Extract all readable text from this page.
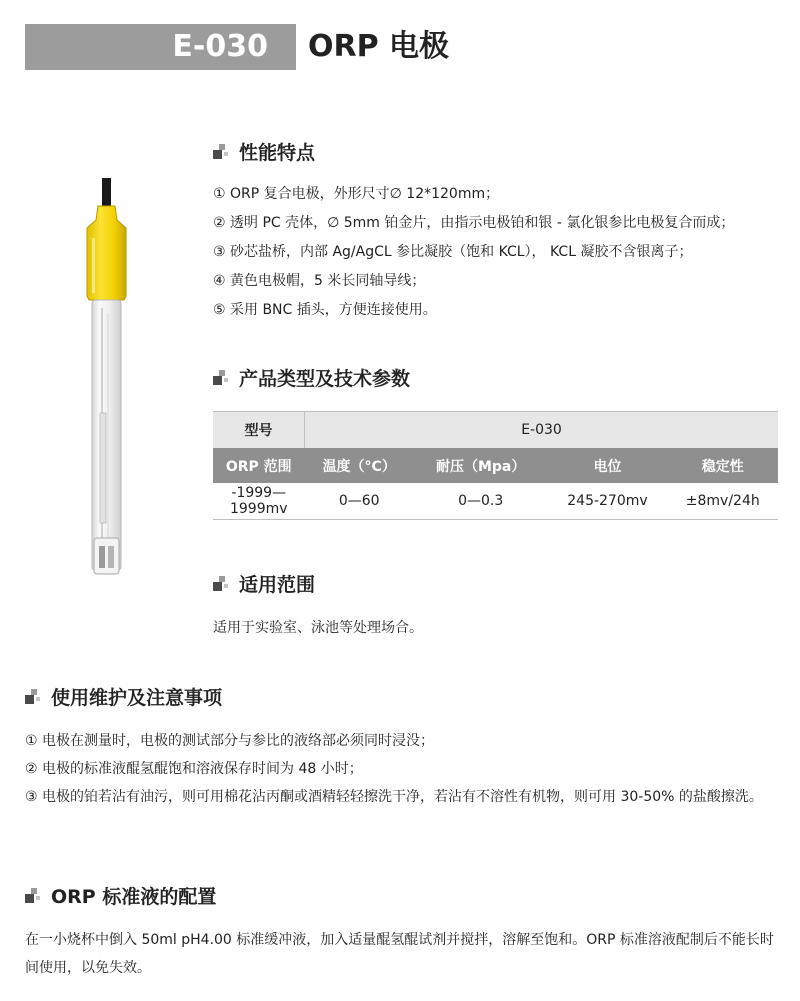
E-030	ORP 电极
性能特点
① ORP 复合电极，外形尺寸∅ 12*120mm；
② 透明 PC 壳体，∅ 5mm 铂金片，由指示电极铂和银 - 氯化银参比电极复合而成；
③ 砂芯盐桥，内部 Ag/AgCL 参比凝胶（饱和 KCL）， KCL 凝胶不含银离子；
④ 黄色电极帽，5 米长同轴导线；
⑤ 采用 BNC 插头，方便连接使用。
产品类型及技术参数
型号	E-030			
ORP 范围	温度（°C）	耐压（Mpa）	电位	稳定性
-1999—1999mv	0—60	0—0.3	245-270mv	±8mv/24h
适用范围

适用于实验室、泳池等处理场合。

使用维护及注意事项
① 电极在测量时，电极的测试部分与参比的液络部必须同时浸没；
② 电极的标准液醌氢醌饱和溶液保存时间为 48 小时；
③ 电极的铂若沾有油污，则可用棉花沾丙酮或酒精轻轻擦洗干净，若沾有不溶性有机物，则可用 30-50% 的盐酸擦洗。
ORP 标准液的配置

在一小烧杯中倒入 50ml pH4.00 标准缓冲液，加入适量醌氢醌试剂并搅拌，溶解至饱和。ORP 标准溶液配制后不能长时间使用，以免失效。
